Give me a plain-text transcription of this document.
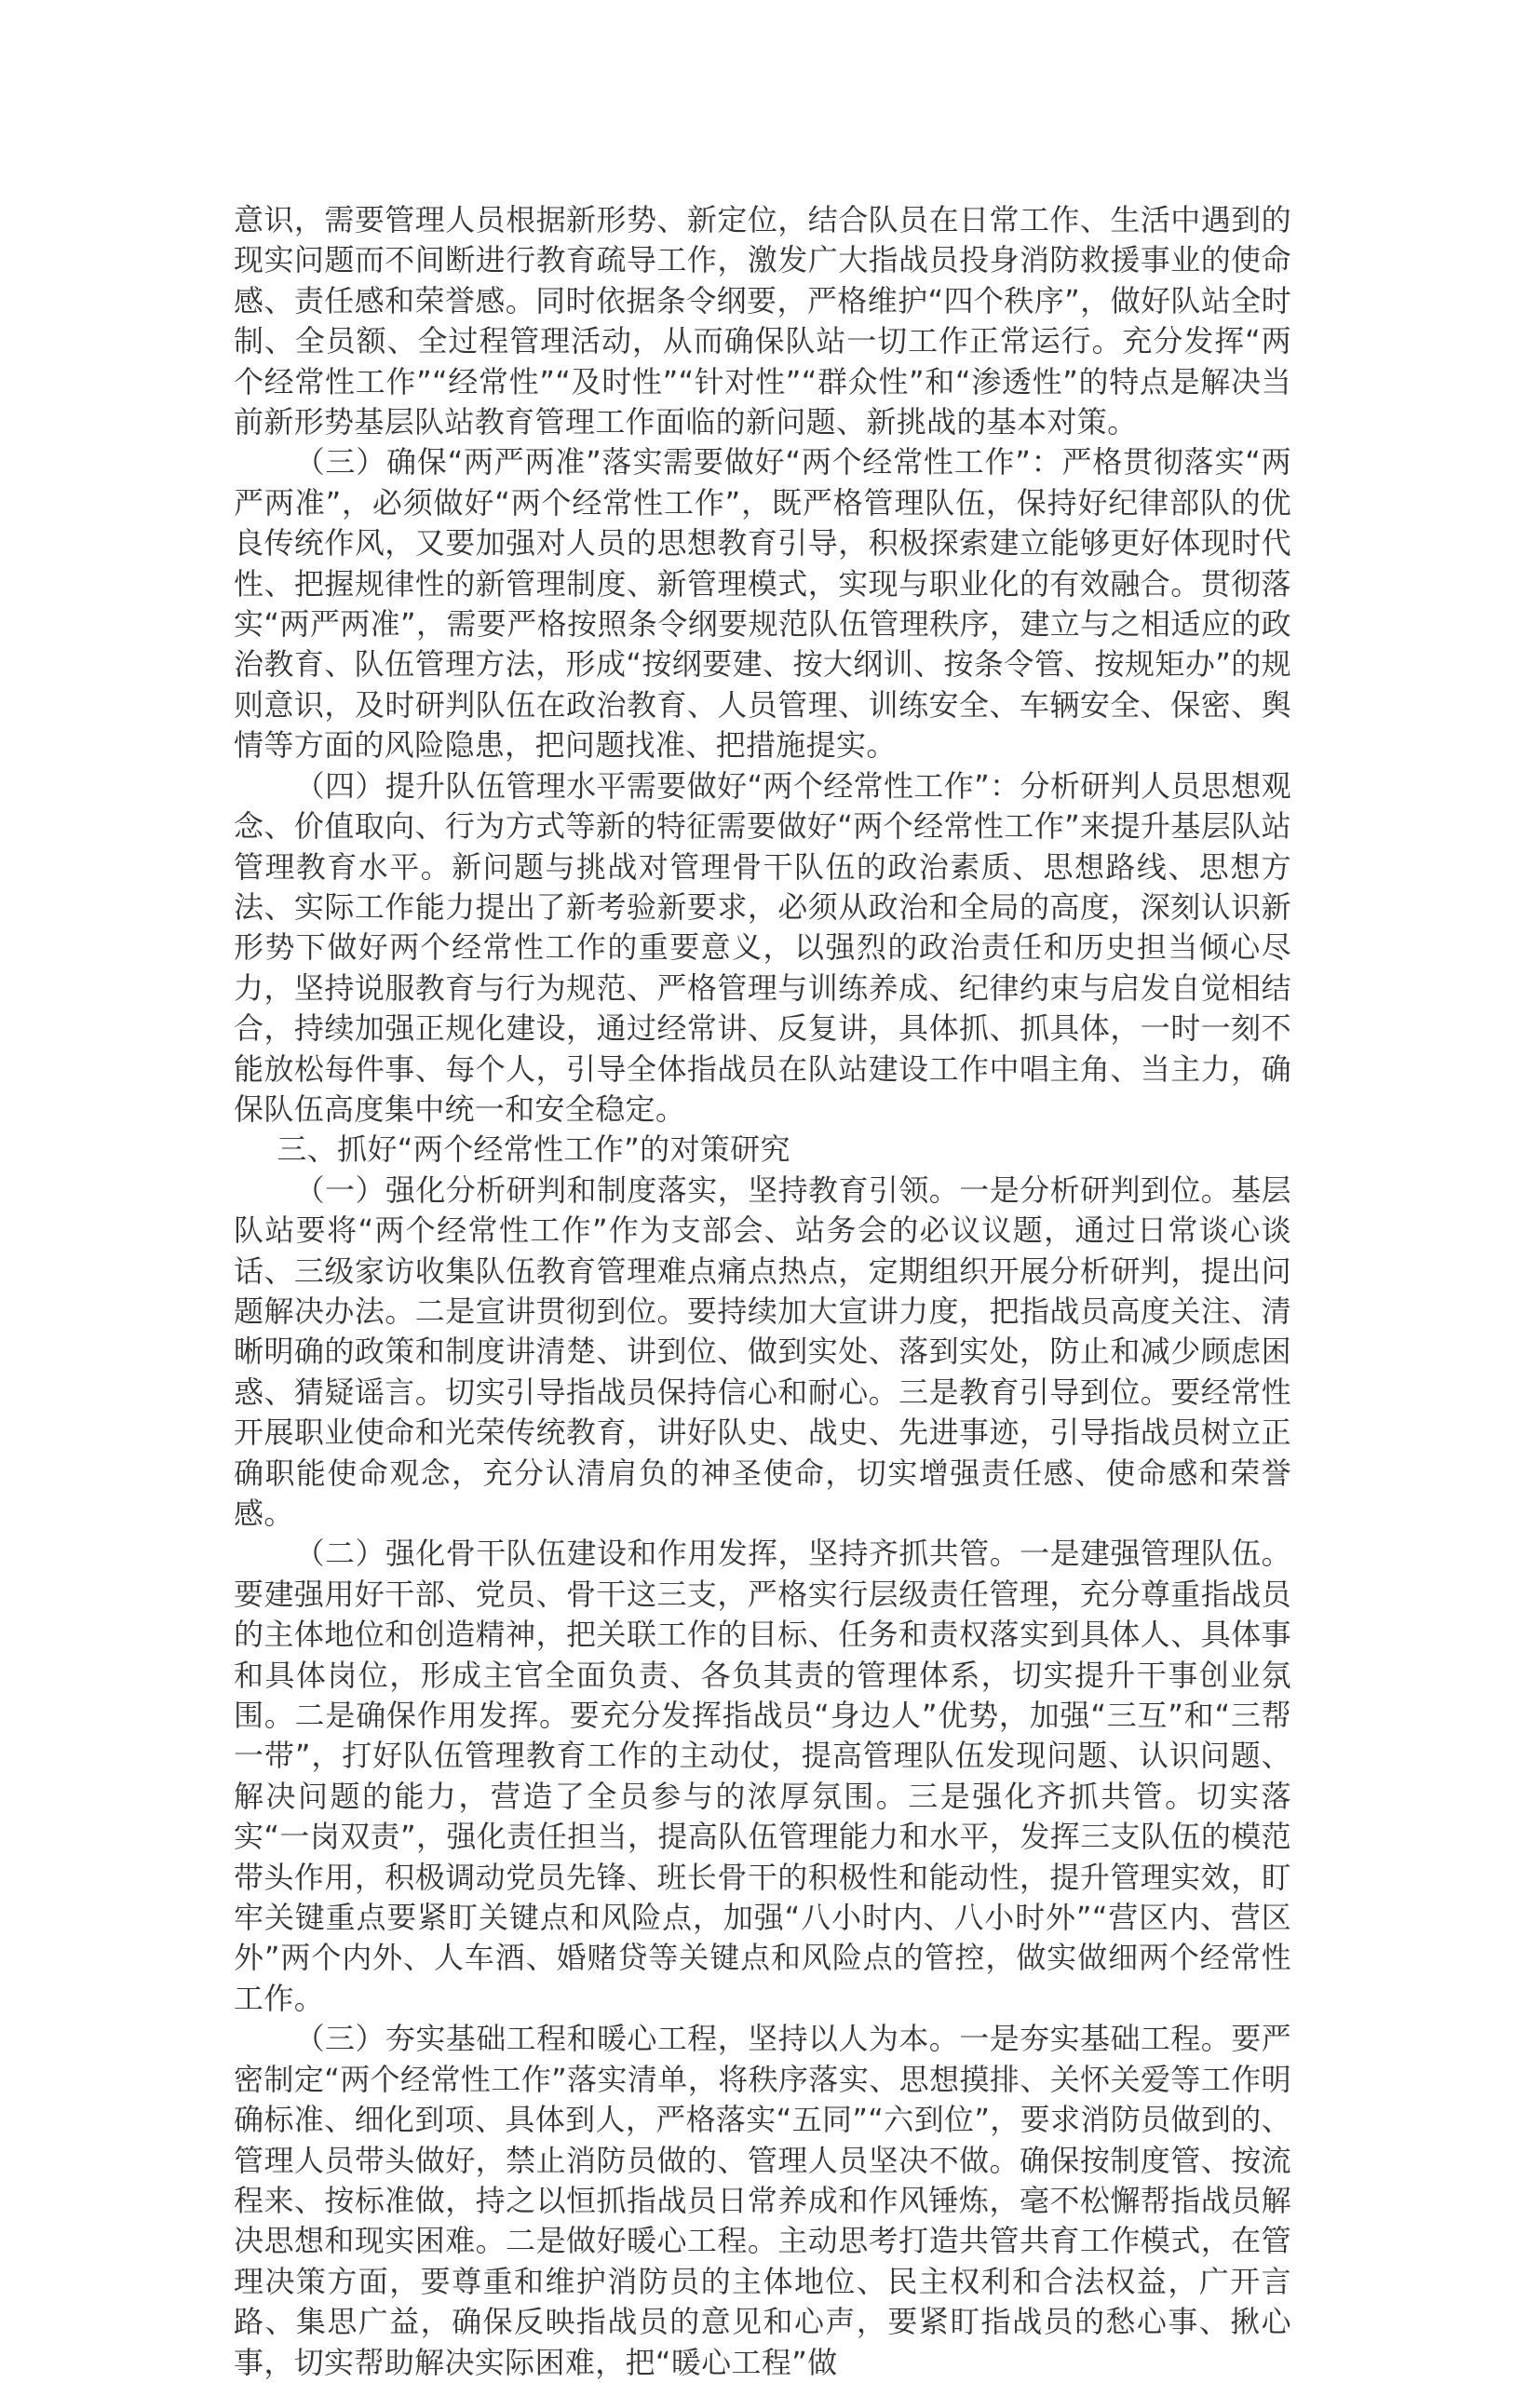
意识，需要管理人员根据新形势、新定位，结合队员在日常工作、生活中遇到的现实问题而不间断进行教育疏导工作，激发广大指战员投身消防救援事业的使命感、责任感和荣誉感。同时依据条令纲要，严格维护“四个秩序”，做好队站全时制、全员额、全过程管理活动，从而确保队站一切工作正常运行。充分发挥“两个经常性工作”“经常性”“及时性”“针对性”“群众性”和“渗透性”的特点是解决当前新形势基层队站教育管理工作面临的新问题、新挑战的基本对策。

（三）确保“两严两准”落实需要做好“两个经常性工作”：严格贯彻落实“两严两准”，必须做好“两个经常性工作”，既严格管理队伍，保持好纪律部队的优良传统作风，又要加强对人员的思想教育引导，积极探索建立能够更好体现时代性、把握规律性的新管理制度、新管理模式，实现与职业化的有效融合。贯彻落实“两严两准”，需要严格按照条令纲要规范队伍管理秩序，建立与之相适应的政治教育、队伍管理方法，形成“按纲要建、按大纲训、按条令管、按规矩办”的规则意识，及时研判队伍在政治教育、人员管理、训练安全、车辆安全、保密、舆情等方面的风险隐患，把问题找准、把措施提实。

（四）提升队伍管理水平需要做好“两个经常性工作”：分析研判人员思想观念、价值取向、行为方式等新的特征需要做好“两个经常性工作”来提升基层队站管理教育水平。新问题与挑战对管理骨干队伍的政治素质、思想路线、思想方法、实际工作能力提出了新考验新要求，必须从政治和全局的高度，深刻认识新形势下做好两个经常性工作的重要意义，以强烈的政治责任和历史担当倾心尽力，坚持说服教育与行为规范、严格管理与训练养成、纪律约束与启发自觉相结合，持续加强正规化建设，通过经常讲、反复讲，具体抓、抓具体，一时一刻不能放松每件事、每个人，引导全体指战员在队站建设工作中唱主角、当主力，确保队伍高度集中统一和安全稳定。

三、抓好“两个经常性工作”的对策研究

（一）强化分析研判和制度落实，坚持教育引领。一是分析研判到位。基层队站要将“两个经常性工作”作为支部会、站务会的必议议题，通过日常谈心谈话、三级家访收集队伍教育管理难点痛点热点，定期组织开展分析研判，提出问题解决办法。二是宣讲贯彻到位。要持续加大宣讲力度，把指战员高度关注、清晰明确的政策和制度讲清楚、讲到位、做到实处、落到实处，防止和减少顾虑困惑、猜疑谣言。切实引导指战员保持信心和耐心。三是教育引导到位。要经常性开展职业使命和光荣传统教育，讲好队史、战史、先进事迹，引导指战员树立正确职能使命观念，充分认清肩负的神圣使命，切实增强责任感、使命感和荣誉感。

（二）强化骨干队伍建设和作用发挥，坚持齐抓共管。一是建强管理队伍。要建强用好干部、党员、骨干这三支，严格实行层级责任管理，充分尊重指战员的主体地位和创造精神，把关联工作的目标、任务和责权落实到具体人、具体事和具体岗位，形成主官全面负责、各负其责的管理体系，切实提升干事创业氛围。二是确保作用发挥。要充分发挥指战员“身边人”优势，加强“三互”和“三帮一带”，打好队伍管理教育工作的主动仗，提高管理队伍发现问题、认识问题、解决问题的能力，营造了全员参与的浓厚氛围。三是强化齐抓共管。切实落实“一岗双责”，强化责任担当，提高队伍管理能力和水平，发挥三支队伍的模范带头作用，积极调动党员先锋、班长骨干的积极性和能动性，提升管理实效，盯牢关键重点要紧盯关键点和风险点，加强“八小时内、八小时外”“营区内、营区外”两个内外、人车酒、婚赌贷等关键点和风险点的管控，做实做细两个经常性工作。

（三）夯实基础工程和暖心工程，坚持以人为本。一是夯实基础工程。要严密制定“两个经常性工作”落实清单，将秩序落实、思想摸排、关怀关爱等工作明确标准、细化到项、具体到人，严格落实“五同”“六到位”，要求消防员做到的、管理人员带头做好，禁止消防员做的、管理人员坚决不做。确保按制度管、按流程来、按标准做，持之以恒抓指战员日常养成和作风锤炼，毫不松懈帮指战员解决思想和现实困难。二是做好暖心工程。主动思考打造共管共育工作模式，在管理决策方面，要尊重和维护消防员的主体地位、民主权利和合法权益，广开言路、集思广益，确保反映指战员的意见和心声，要紧盯指战员的愁心事、揪心事，切实帮助解决实际困难，把“暖心工程”做
